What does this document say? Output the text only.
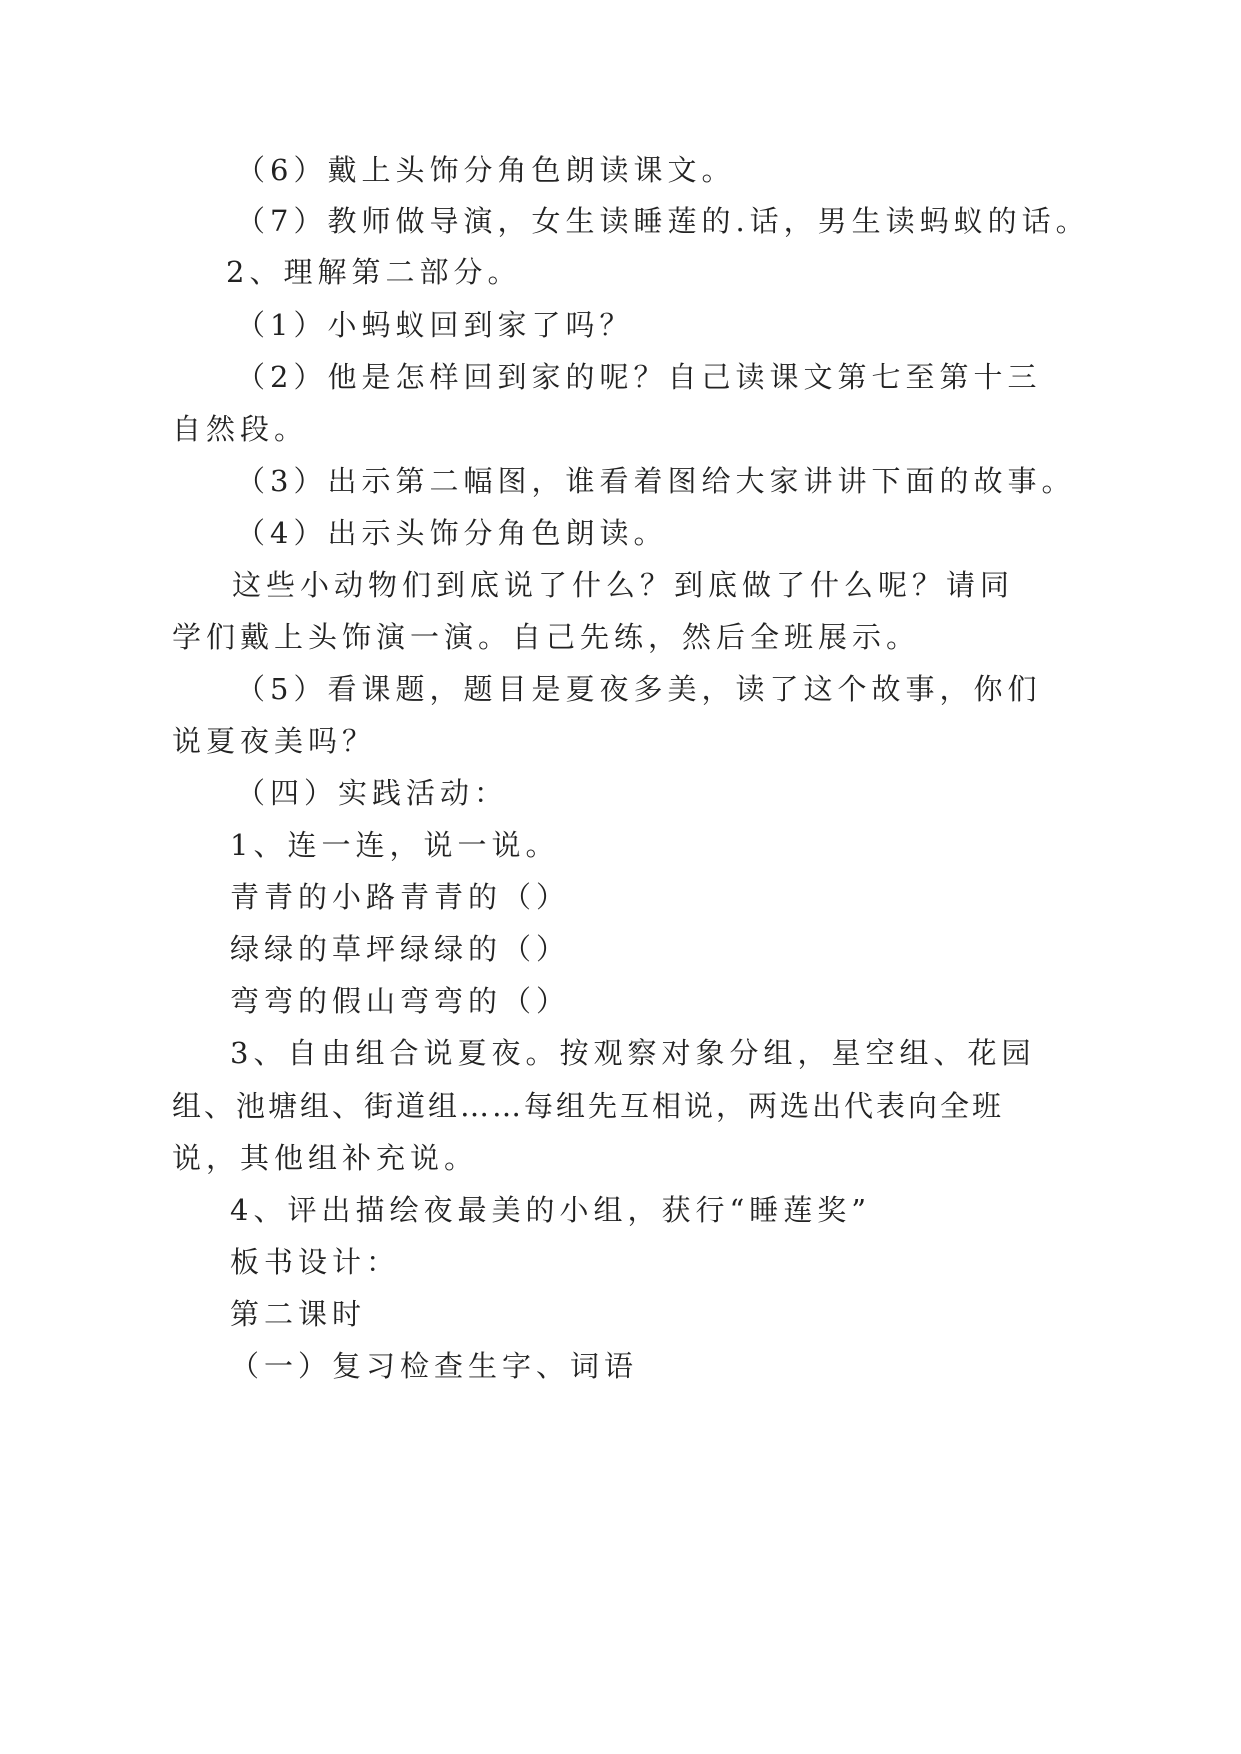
（6）戴上头饰分角色朗读课文。
（7）教师做导演，女生读睡莲的.话，男生读蚂蚁的话。
2、理解第二部分。
（1）小蚂蚁回到家了吗？
（2）他是怎样回到家的呢？自己读课文第七至第十三
自然段。
（3）出示第二幅图，谁看着图给大家讲讲下面的故事。
（4）出示头饰分角色朗读。
这些小动物们到底说了什么？到底做了什么呢？请同
学们戴上头饰演一演。自己先练，然后全班展示。
（5）看课题，题目是夏夜多美，读了这个故事，你们
说夏夜美吗？
（四）实践活动：
1、连一连，说一说。
青青的小路青青的（）
绿绿的草坪绿绿的（）
弯弯的假山弯弯的（）
3、自由组合说夏夜。按观察对象分组，星空组、花园
组、池塘组、街道组……每组先互相说，两选出代表向全班
说，其他组补充说。
4、评出描绘夜最美的小组，获行“睡莲奖”
板书设计：
第二课时
（一）复习检查生字、词语
